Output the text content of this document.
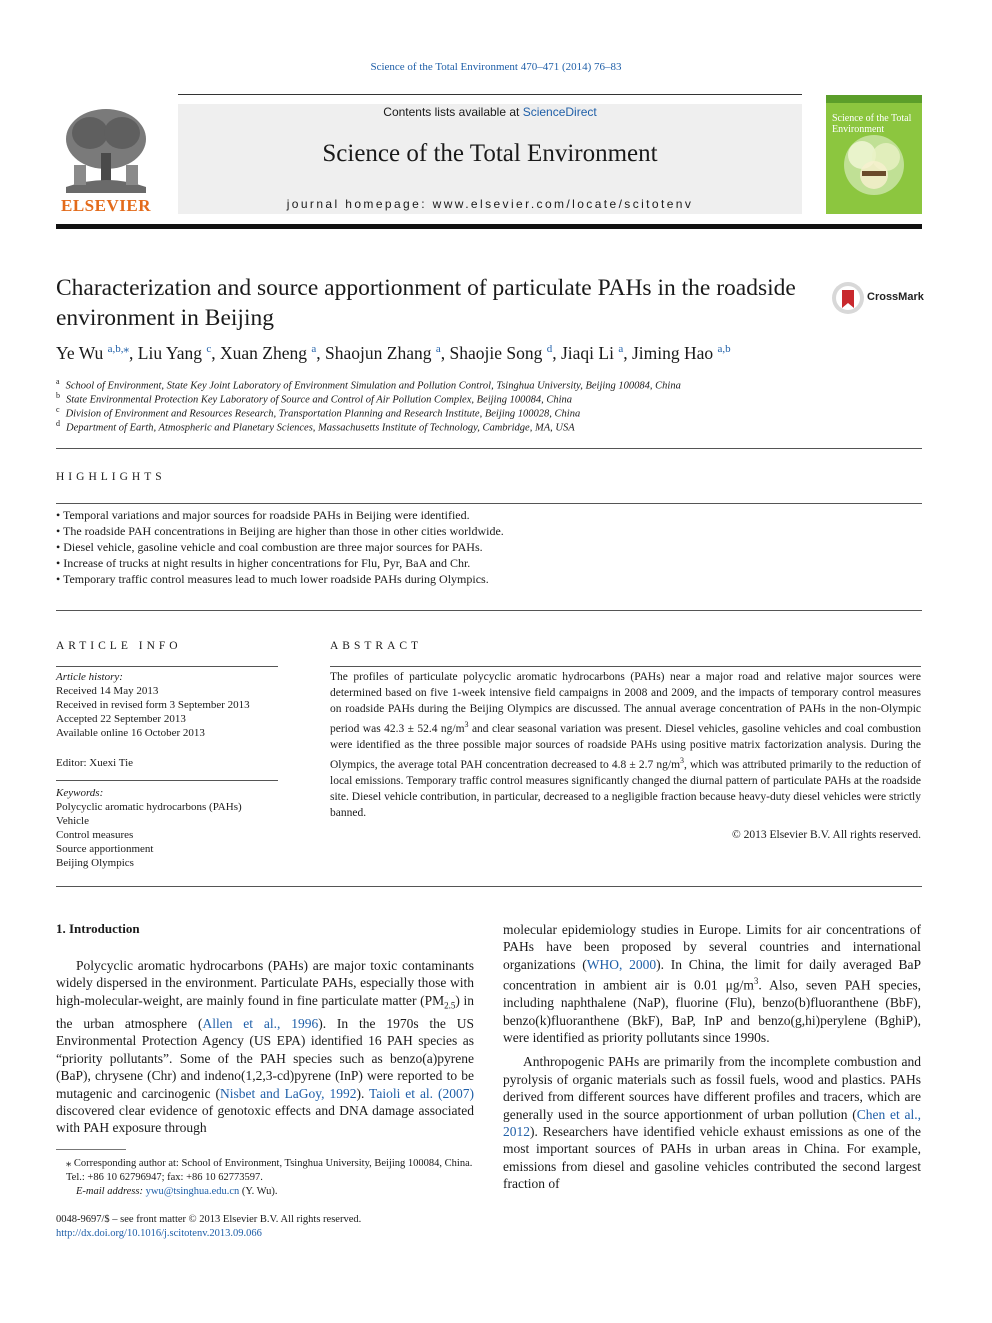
Science of the Total Environment 470–471 (2014) 76–83
Contents lists available at ScienceDirect
Science of the Total Environment
journal homepage: www.elsevier.com/locate/scitotenv
ELSEVIER
Science of the Total Environment
Characterization and source apportionment of particulate PAHs in the roadside environment in Beijing
CrossMark
Ye Wu $^{a,b,⁎}$, Liu Yang $^c$, Xuan Zheng $^a$, Shaojun Zhang $^a$, Shaojie Song $^d$, Jiaqi Li $^a$, Jiming Hao $^{a,b}$
$^a$ School of Environment, State Key Joint Laboratory of Environment Simulation and Pollution Control, Tsinghua University, Beijing 100084, China
$^b$ State Environmental Protection Key Laboratory of Source and Control of Air Pollution Complex, Beijing 100084, China
$^c$ Division of Environment and Resources Research, Transportation Planning and Research Institute, Beijing 100028, China
$^d$ Department of Earth, Atmospheric and Planetary Sciences, Massachusetts Institute of Technology, Cambridge, MA, USA
HIGHLIGHTS
• Temporal variations and major sources for roadside PAHs in Beijing were identified.
• The roadside PAH concentrations in Beijing are higher than those in other cities worldwide.
• Diesel vehicle, gasoline vehicle and coal combustion are three major sources for PAHs.
• Increase of trucks at night results in higher concentrations for Flu, Pyr, BaA and Chr.
• Temporary traffic control measures lead to much lower roadside PAHs during Olympics.
ARTICLE INFO
Article history:
Received 14 May 2013
Received in revised form 3 September 2013
Accepted 22 September 2013
Available online 16 October 2013
Editor: Xuexi Tie
Keywords:
Polycyclic aromatic hydrocarbons (PAHs)
Vehicle
Control measures
Source apportionment
Beijing Olympics
ABSTRACT
The profiles of particulate polycyclic aromatic hydrocarbons (PAHs) near a major road and relative major sources were determined based on five 1-week intensive field campaigns in 2008 and 2009, and the impacts of temporary control measures on roadside PAHs during the Beijing Olympics are discussed. The annual average concentration of PAHs in the non-Olympic period was 42.3 ± 52.4 $ng/m^3$ and clear seasonal variation was present. Diesel vehicles, gasoline vehicles and coal combustion were identified as the three possible major sources of roadside PAHs using positive matrix factorization analysis. During the Olympics, the average total PAH concentration decreased to 4.8 ± 2.7 $ng/m^3$, which was attributed primarily to the reduction of local emissions. Temporary traffic control measures significantly changed the diurnal pattern of particulate PAHs at the roadside site. Diesel vehicle contribution, in particular, decreased to a negligible fraction because heavy-duty diesel vehicles were strictly banned.
© 2013 Elsevier B.V. All rights reserved.
1. Introduction

Polycyclic aromatic hydrocarbons (PAHs) are major toxic contaminants widely dispersed in the environment. Particulate PAHs, especially those with high-molecular-weight, are mainly found in fine particulate matter $(PM_{2.5})$ in the urban atmosphere (Allen et al., 1996). In the 1970s the US Environmental Protection Agency (US EPA) identified 16 PAH species as “priority pollutants”. Some of the PAH species such as benzo(a)pyrene (BaP), chrysene (Chr) and indeno(1,2,3-cd)pyrene (InP) were reported to be mutagenic and carcinogenic (Nisbet and LaGoy, 1992). Taioli et al. (2007) discovered clear evidence of genotoxic effects and DNA damage associated with PAH exposure through

molecular epidemiology studies in Europe. Limits for air concentrations of PAHs have been proposed by several countries and international organizations (WHO, 2000). In China, the limit for daily averaged BaP concentration in ambient air is 0.01 $\mu g/m^3$. Also, seven PAH species, including naphthalene (NaP), fluorine (Flu), benzo(b)fluoranthene (BbF), benzo(k)fluoranthene (BkF), BaP, InP and benzo(g,hi)perylene (BghiP), were identified as priority pollutants since 1990s.

Anthropogenic PAHs are primarily from the incomplete combustion and pyrolysis of organic materials such as fossil fuels, wood and plastics. PAHs derived from different sources have different profiles and tracers, which are generally used in the source apportionment of urban pollution (Chen et al., 2012). Researchers have identified vehicle exhaust emissions as one of the most important sources of PAHs in urban areas in China. For example, emissions from diesel and gasoline vehicles contributed the second largest fraction of

⁎ Corresponding author at: School of Environment, Tsinghua University, Beijing 100084, China. Tel.: +86 10 62796947; fax: +86 10 62773597.
E-mail address: ywu@tsinghua.edu.cn (Y. Wu).
0048-9697/$ – see front matter © 2013 Elsevier B.V. All rights reserved.
http://dx.doi.org/10.1016/j.scitotenv.2013.09.066
